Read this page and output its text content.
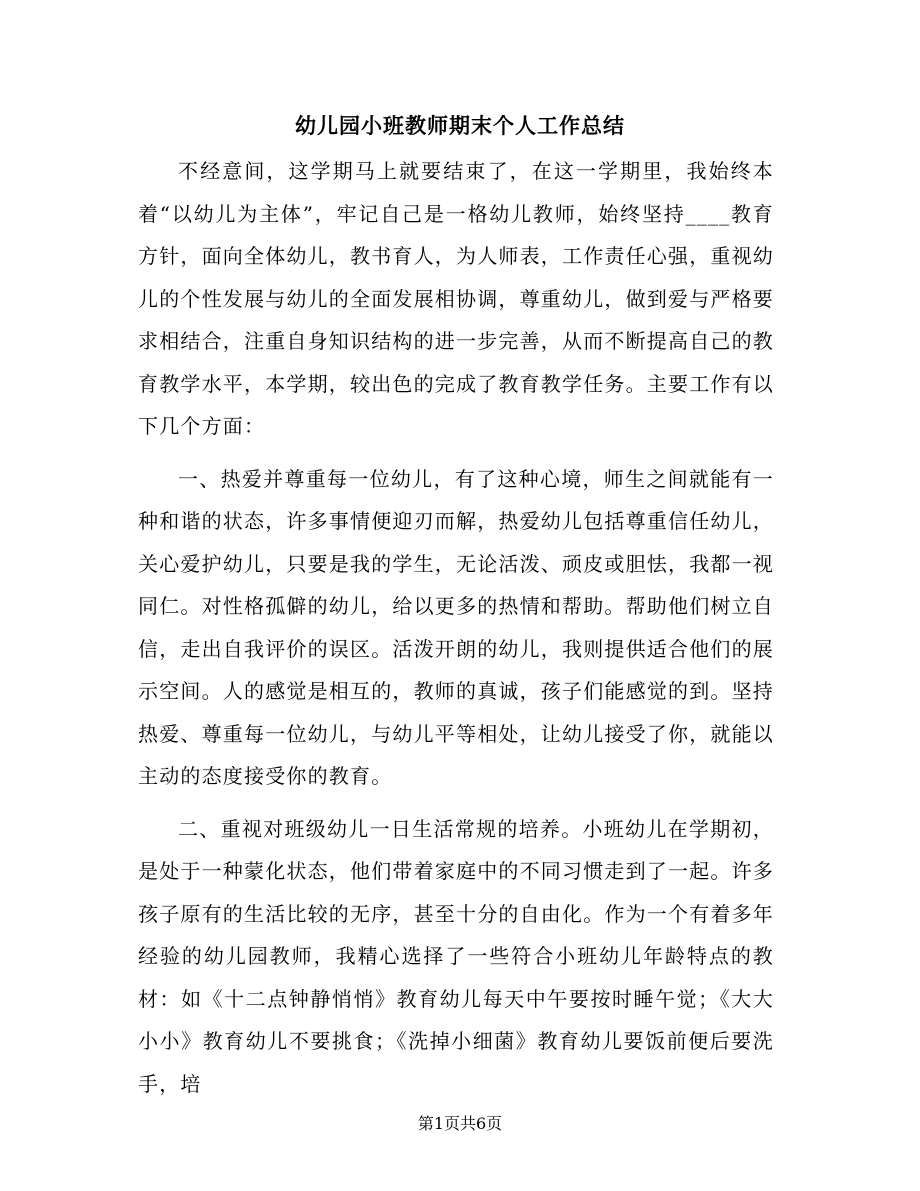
幼儿园小班教师期末个人工作总结

不经意间，这学期马上就要结束了，在这一学期里，我始终本着“以幼儿为主体”，牢记自己是一格幼儿教师，始终坚持____教育方针，面向全体幼儿，教书育人，为人师表，工作责任心强，重视幼儿的个性发展与幼儿的全面发展相协调，尊重幼儿，做到爱与严格要求相结合，注重自身知识结构的进一步完善，从而不断提高自己的教育教学水平，本学期，较出色的完成了教育教学任务。主要工作有以下几个方面：

一、热爱并尊重每一位幼儿，有了这种心境，师生之间就能有一种和谐的状态，许多事情便迎刃而解，热爱幼儿包括尊重信任幼儿，关心爱护幼儿，只要是我的学生，无论活泼、顽皮或胆怯，我都一视同仁。对性格孤僻的幼儿，给以更多的热情和帮助。帮助他们树立自信，走出自我评价的误区。活泼开朗的幼儿，我则提供适合他们的展示空间。人的感觉是相互的，教师的真诚，孩子们能感觉的到。坚持热爱、尊重每一位幼儿，与幼儿平等相处，让幼儿接受了你，就能以主动的态度接受你的教育。

二、重视对班级幼儿一日生活常规的培养。小班幼儿在学期初，是处于一种蒙化状态，他们带着家庭中的不同习惯走到了一起。许多孩子原有的生活比较的无序，甚至十分的自由化。作为一个有着多年经验的幼儿园教师，我精心选择了一些符合小班幼儿年龄特点的教材：如《十二点钟静悄悄》教育幼儿每天中午要按时睡午觉；《大大小小》教育幼儿不要挑食；《洗掉小细菌》教育幼儿要饭前便后要洗手，培

第1页共6页
